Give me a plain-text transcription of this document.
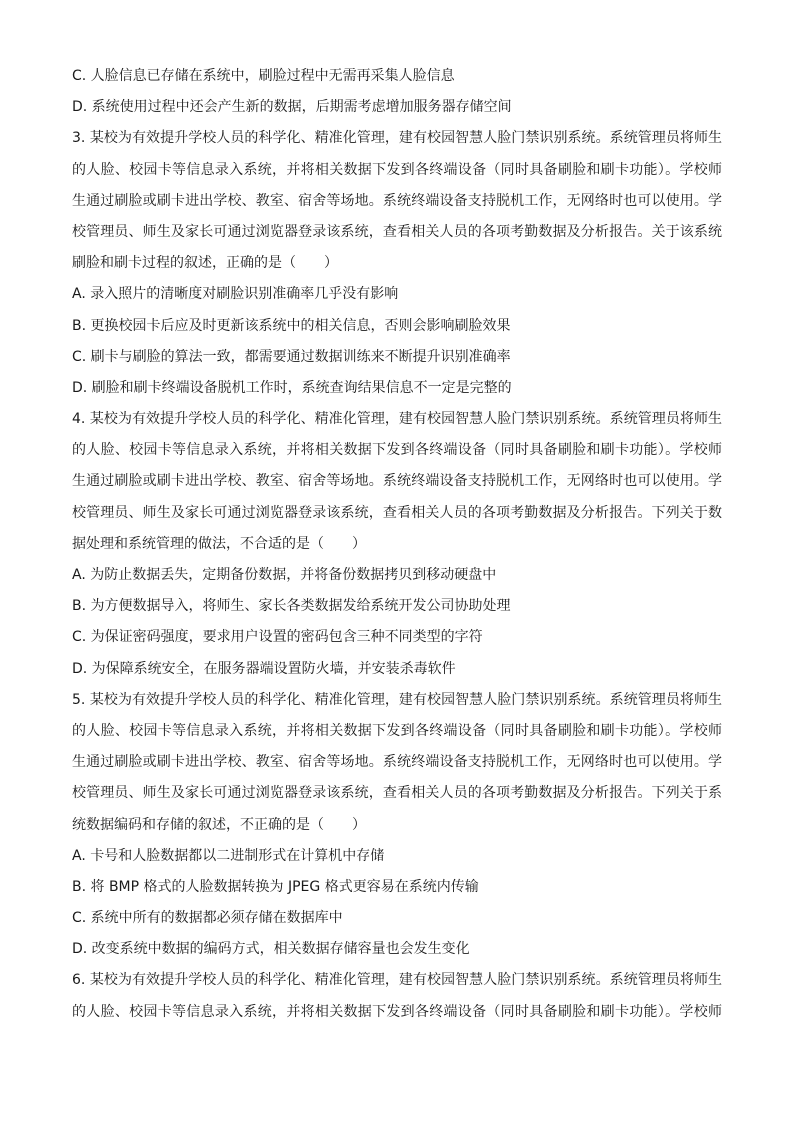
C. 人脸信息已存储在系统中，刷脸过程中无需再采集人脸信息
D. 系统使用过程中还会产生新的数据，后期需考虑增加服务器存储空间
3. 某校为有效提升学校人员的科学化、精准化管理，建有校园智慧人脸门禁识别系统。系统管理员将师生
的人脸、校园卡等信息录入系统，并将相关数据下发到各终端设备（同时具备刷脸和刷卡功能）。学校师
生通过刷脸或刷卡进出学校、教室、宿舍等场地。系统终端设备支持脱机工作，无网络时也可以使用。学
校管理员、师生及家长可通过浏览器登录该系统，查看相关人员的各项考勤数据及分析报告。关于该系统
刷脸和刷卡过程的叙述，正确的是（　　）
A. 录入照片的清晰度对刷脸识别准确率几乎没有影响
B. 更换校园卡后应及时更新该系统中的相关信息，否则会影响刷脸效果
C. 刷卡与刷脸的算法一致，都需要通过数据训练来不断提升识别准确率
D. 刷脸和刷卡终端设备脱机工作时，系统查询结果信息不一定是完整的
4. 某校为有效提升学校人员的科学化、精准化管理，建有校园智慧人脸门禁识别系统。系统管理员将师生
的人脸、校园卡等信息录入系统，并将相关数据下发到各终端设备（同时具备刷脸和刷卡功能）。学校师
生通过刷脸或刷卡进出学校、教室、宿舍等场地。系统终端设备支持脱机工作，无网络时也可以使用。学
校管理员、师生及家长可通过浏览器登录该系统，查看相关人员的各项考勤数据及分析报告。下列关于数
据处理和系统管理的做法，不合适的是（　　）
A. 为防止数据丢失，定期备份数据，并将备份数据拷贝到移动硬盘中
B. 为方便数据导入，将师生、家长各类数据发给系统开发公司协助处理
C. 为保证密码强度，要求用户设置的密码包含三种不同类型的字符
D. 为保障系统安全，在服务器端设置防火墙，并安装杀毒软件
5. 某校为有效提升学校人员的科学化、精准化管理，建有校园智慧人脸门禁识别系统。系统管理员将师生
的人脸、校园卡等信息录入系统，并将相关数据下发到各终端设备（同时具备刷脸和刷卡功能）。学校师
生通过刷脸或刷卡进出学校、教室、宿舍等场地。系统终端设备支持脱机工作，无网络时也可以使用。学
校管理员、师生及家长可通过浏览器登录该系统，查看相关人员的各项考勤数据及分析报告。下列关于系
统数据编码和存储的叙述，不正确的是（　　）
A. 卡号和人脸数据都以二进制形式在计算机中存储
B. 将 BMP 格式的人脸数据转换为 JPEG 格式更容易在系统内传输
C. 系统中所有的数据都必须存储在数据库中
D. 改变系统中数据的编码方式，相关数据存储容量也会发生变化
6. 某校为有效提升学校人员的科学化、精准化管理，建有校园智慧人脸门禁识别系统。系统管理员将师生
的人脸、校园卡等信息录入系统，并将相关数据下发到各终端设备（同时具备刷脸和刷卡功能）。学校师
